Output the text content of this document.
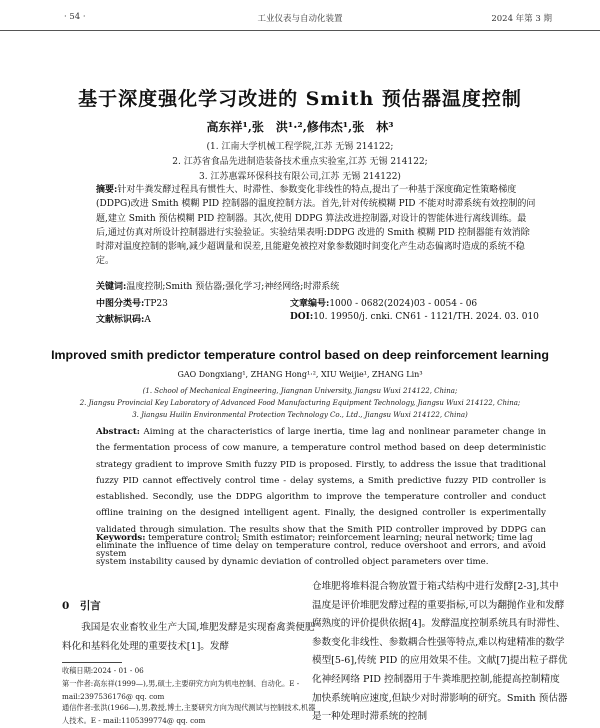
· 54 ·	工业仪表与自动化装置	2024 年第 3 期
基于深度强化学习改进的 Smith 预估器温度控制
高东祥¹,张　洪¹·²,修伟杰¹,张　林³
(1. 江南大学机械工程学院,江苏 无锡 214122;
2. 江苏省食品先进制造装备技术重点实验室,江苏 无锡 214122;
3. 江苏惠霖环保科技有限公司,江苏 无锡 214122)
摘要:针对牛粪发酵过程具有惯性大、时滞性、参数变化非线性的特点,提出了一种基于深度确定性策略梯度(DDPG)改进 Smith 模糊 PID 控制器的温度控制方法。首先,针对传统模糊 PID 不能对时滞系统有效控制的问题,建立 Smith 预估模糊 PID 控制器。其次,使用 DDPG 算法改进控制器,对设计的智能体进行离线训练。最后,通过仿真对所设计控制器进行实验验证。实验结果表明:DDPG 改进的 Smith 模糊 PID 控制器能有效消除时滞对温度控制的影响,减少超调量和误差,且能避免被控对象参数随时间变化产生动态偏离时造成的系统不稳定。
关键词:温度控制;Smith 预估器;强化学习;神经网络;时滞系统
中图分类号:TP23	文章编号:1000 - 0682(2024)03 - 0054 - 06
文献标识码:A	DOI:10. 19950/j. cnki. CN61 - 1121/TH. 2024. 03. 010
Improved smith predictor temperature control based on deep reinforcement learning
GAO Dongxiang¹, ZHANG Hong¹·², XIU Weijie¹, ZHANG Lin³
(1. School of Mechanical Engineering, Jiangnan University, Jiangsu Wuxi 214122, China;
2. Jiangsu Provincial Key Laboratory of Advanced Food Manufacturing Equipment Technology, Jiangsu Wuxi 214122, China;
3. Jiangsu Huilin Environmental Protection Technology Co., Ltd., Jiangsu Wuxi 214122, China)
Abstract: Aiming at the characteristics of large inertia, time lag and nonlinear parameter change in the fermentation process of cow manure, a temperature control method based on deep deterministic strategy gradient to improve Smith fuzzy PID is proposed. Firstly, to address the issue that traditional fuzzy PID cannot effectively control time - delay systems, a Smith predictive fuzzy PID controller is established. Secondly, use the DDPG algorithm to improve the temperature controller and conduct offline training on the designed intelligent agent. Finally, the designed controller is experimentally validated through simulation. The results show that the Smith PID controller improved by DDPG can eliminate the influence of time delay on temperature control, reduce overshoot and errors, and avoid system instability caused by dynamic deviation of controlled object parameters over time.
Keywords: temperature control; Smith estimator; reinforcement learning; neural network; time lag system
0　 引言
我国是农业畜牧业生产大国,堆肥发酵是实现畜禽粪便肥料化和基料化处理的重要技术[1]。发酵
仓堆肥将堆料混合物放置于箱式结构中进行发酵[2-3],其中温度是评价堆肥发酵过程的重要指标,可以为翻抛作业和发酵腐熟度的评价提供依据[4]。发酵温度控制系统具有时滞性、参数变化非线性、参数耦合性强等特点,难以构建精准的数学模型[5-6],传统 PID 的应用效果不佳。文献[7]提出粒子群优化神经网络 PID 控制器用于牛粪堆肥控制,能提高控制精度加快系统响应速度,但缺少对时滞影响的研究。Smith 预估器是一种处理时滞系统的控制
收稿日期:2024 - 01 - 06
第一作者:高东祥(1999—),男,硕士,主要研究方向为机电控制、自动化。E - mail:2397536176@ qq. com
通信作者:张洪(1966—),男,教授,博士,主要研究方向为现代测试与控制技术,机器人技术。E - mail:1105399774@ qq. com
